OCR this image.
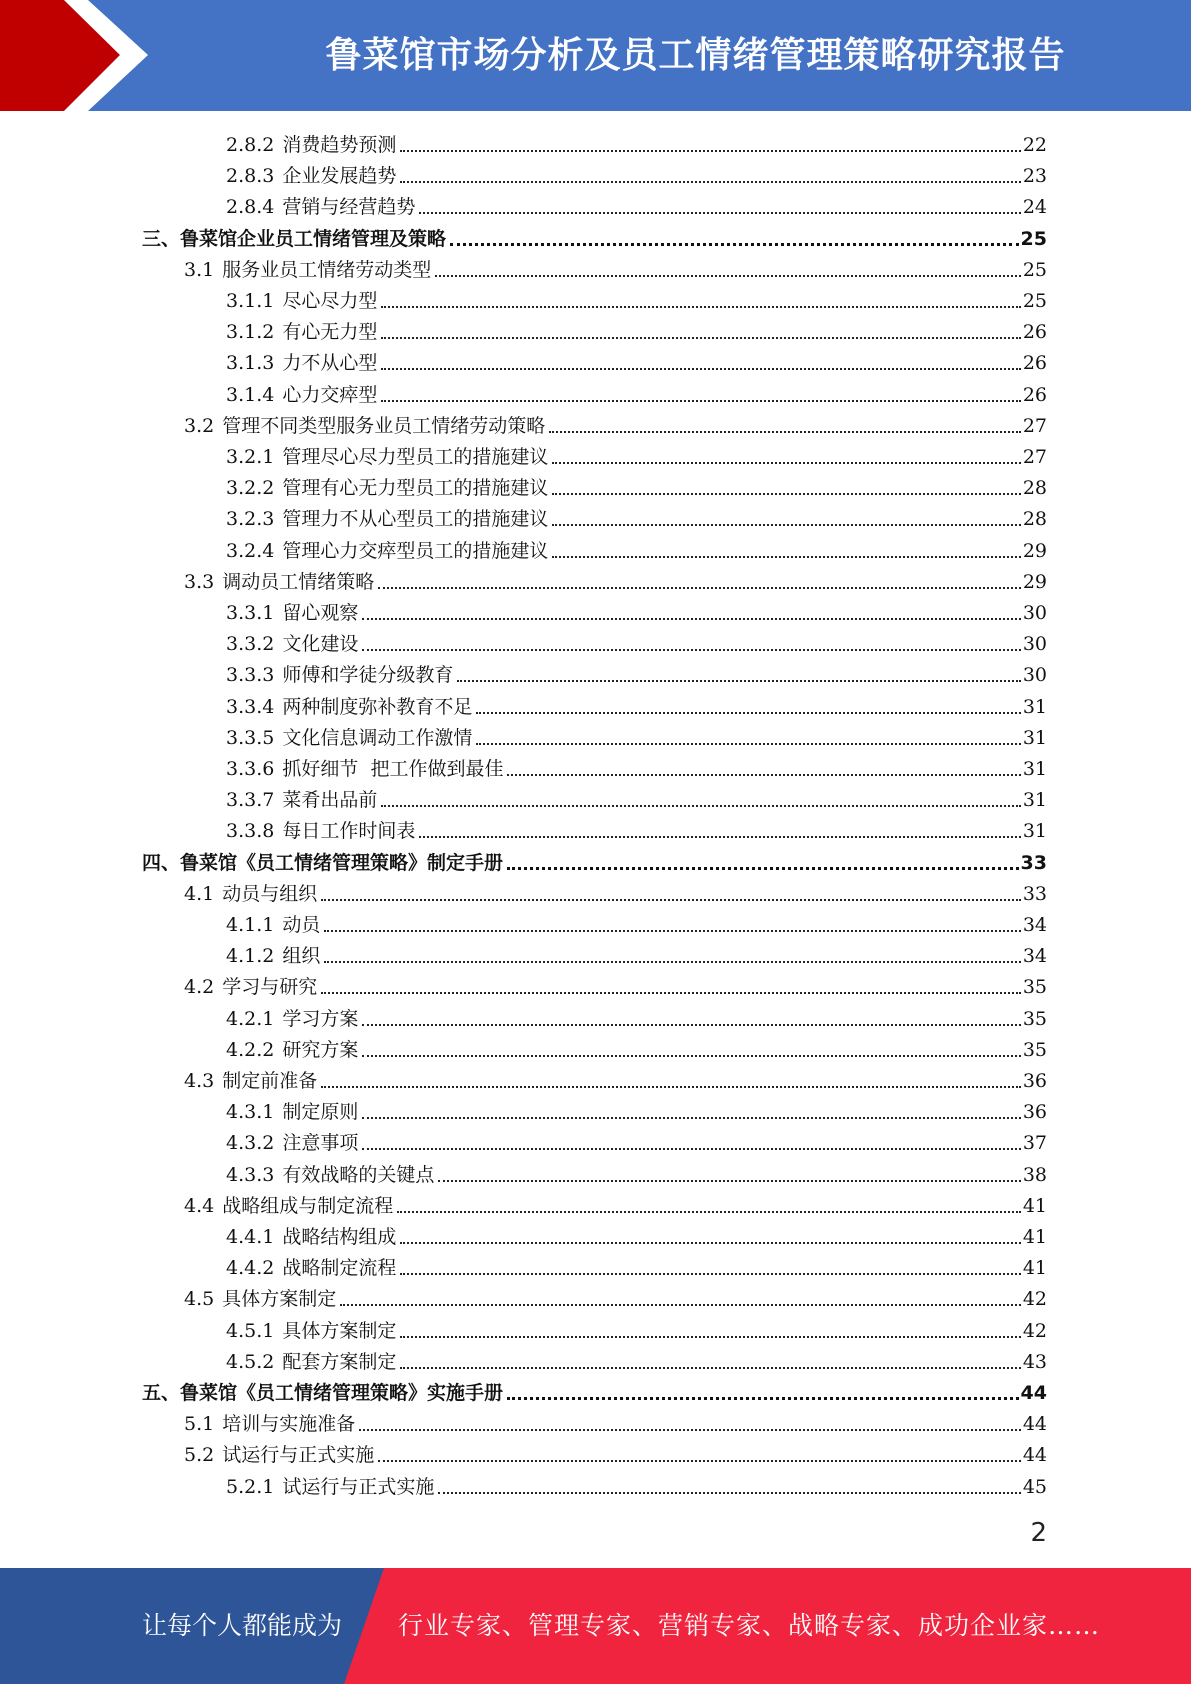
鲁菜馆市场分析及员工情绪管理策略研究报告
2.8.2 消费趋势预测	22
2.8.3 企业发展趋势	23
2.8.4 营销与经营趋势	24
三、 鲁菜馆企业员工情绪管理及策略	25
3.1 服务业员工情绪劳动类型	25
3.1.1 尽心尽力型	25
3.1.2 有心无力型	26
3.1.3 力不从心型	26
3.1.4 心力交瘁型	26
3.2 管理不同类型服务业员工情绪劳动策略	27
3.2.1 管理尽心尽力型员工的措施建议	27
3.2.2 管理有心无力型员工的措施建议	28
3.2.3 管理力不从心型员工的措施建议	28
3.2.4 管理心力交瘁型员工的措施建议	29
3.3 调动员工情绪策略	29
3.3.1 留心观察	30
3.3.2 文化建设	30
3.3.3 师傅和学徒分级教育	30
3.3.4 两种制度弥补教育不足	31
3.3.5 文化信息调动工作激情	31
3.3.6 抓好细节  把工作做到最佳	31
3.3.7 菜肴出品前	31
3.3.8 每日工作时间表	31
四、 鲁菜馆《员工情绪管理策略》制定手册	33
4.1 动员与组织	33
4.1.1 动员	34
4.1.2 组织	34
4.2 学习与研究	35
4.2.1 学习方案	35
4.2.2 研究方案	35
4.3 制定前准备	36
4.3.1 制定原则	36
4.3.2 注意事项	37
4.3.3 有效战略的关键点	38
4.4 战略组成与制定流程	41
4.4.1 战略结构组成	41
4.4.2 战略制定流程	41
4.5 具体方案制定	42
4.5.1 具体方案制定	42
4.5.2 配套方案制定	43
五、 鲁菜馆《员工情绪管理策略》实施手册	44
5.1 培训与实施准备	44
5.2 试运行与正式实施	44
5.2.1 试运行与正式实施	45
2
让每个人都能成为 行业专家、管理专家、营销专家、战略专家、成功企业家……
